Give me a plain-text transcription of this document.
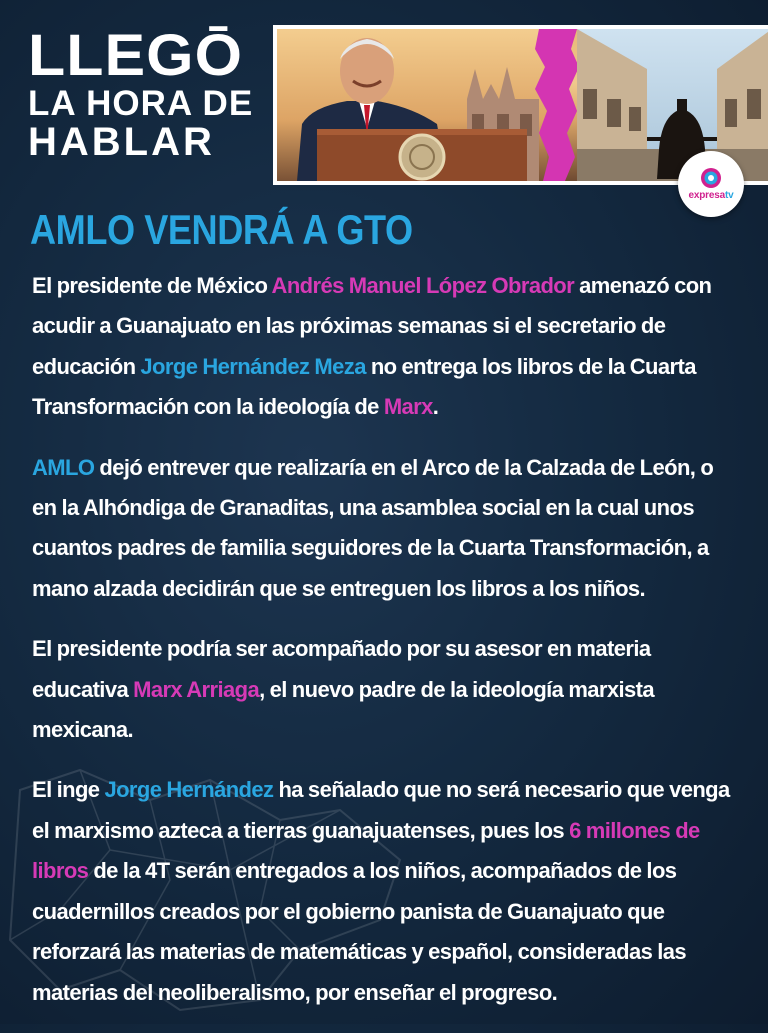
LLEGŌ
LA HORA DE
HABLAR
expresatv
AMLO VENDRÁ A GTO

El presidente de México Andrés Manuel López Obrador amenazó con acudir a Guanajuato en las próximas semanas si el secretario de educación Jorge Hernández Meza no entrega los libros de la Cuarta Transformación con la ideología de Marx.

AMLO dejó entrever que realizaría en el Arco de la Calzada de León, o en la Alhóndiga de Granaditas, una asamblea social en la cual unos cuantos padres de familia seguidores de la Cuarta Transformación, a mano alzada decidirán que se entreguen los libros a los niños.

El presidente podría ser acompañado por su asesor en materia educativa Marx Arriaga, el nuevo padre de la ideología marxista mexicana.

El inge Jorge Hernández ha señalado que no será necesario que venga el marxismo azteca a tierras guanajuatenses, pues los 6 millones de libros de la 4T serán entregados a los niños, acompañados de los cuadernillos creados por el gobierno panista de Guanajuato que reforzará las materias de matemáticas y español, consideradas las materias del neoliberalismo, por enseñar el progreso.
